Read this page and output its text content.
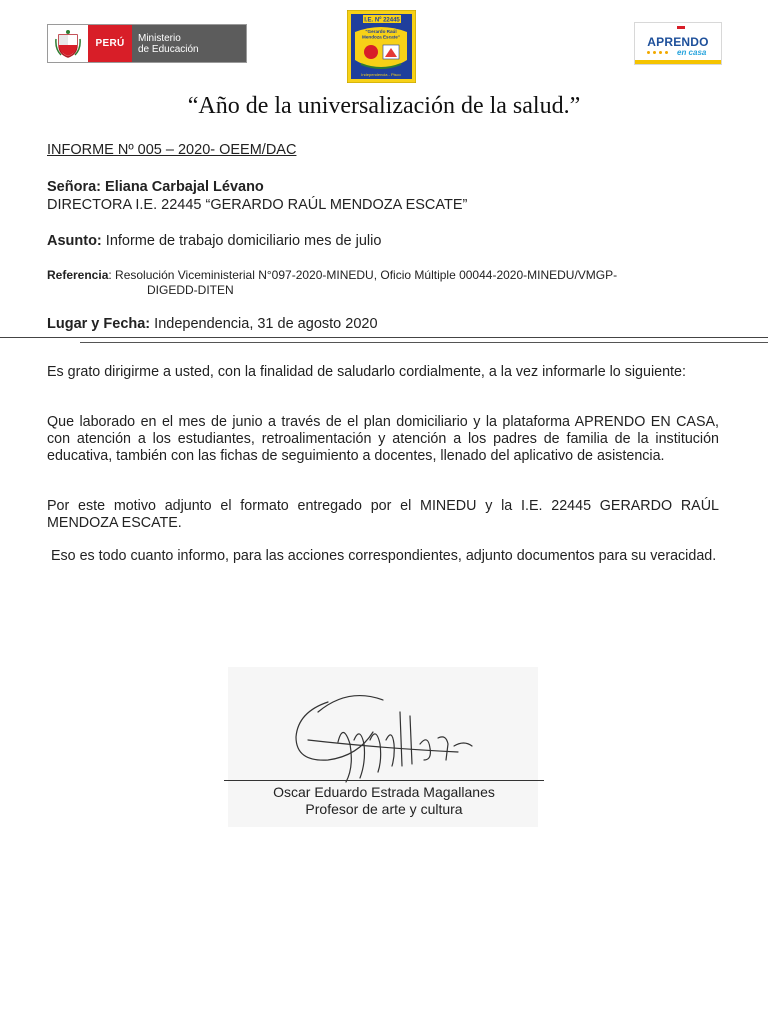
PERÚ	Ministerio
de Educación
I.E. Nº 22445
"Gerardo Raúl
Mendoza Escate"
Independencia - Pisco
APRENDO
en casa
“Año de la universalización de la salud.”
INFORME Nº 005 – 2020- OEEM/DAC
Señora: Eliana Carbajal Lévano
DIRECTORA I.E. 22445 “GERARDO RAÚL MENDOZA ESCATE”
Asunto: Informe de trabajo domiciliario mes de julio
Referencia: Resolución Viceministerial N°097-2020-MINEDU, Oficio Múltiple 00044-2020-MINEDU/VMGP-
DIGEDD-DITEN
Lugar y Fecha: Independencia, 31 de agosto 2020

Es grato dirigirme a usted, con la finalidad de saludarlo cordialmente, a la vez informarle lo siguiente:

Que laborado en el mes de junio a través de el plan domiciliario y la plataforma APRENDO EN CASA, con atención a los estudiantes, retroalimentación y atención a los padres de familia de la institución educativa, también con las fichas de seguimiento a docentes, llenado del aplicativo de asistencia.

Por este motivo adjunto el formato entregado por el MINEDU y la I.E. 22445 GERARDO RAÚL MENDOZA ESCATE.

Eso es todo cuanto informo, para las acciones correspondientes, adjunto documentos para su veracidad.

Oscar Eduardo Estrada Magallanes
Profesor de arte y cultura
